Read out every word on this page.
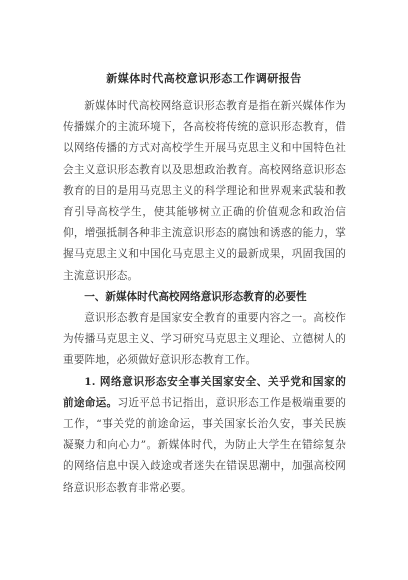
新媒体时代高校意识形态工作调研报告

新媒体时代高校网络意识形态教育是指在新兴媒体作为传播媒介的主流环境下，各高校将传统的意识形态教育，借以网络传播的方式对高校学生开展马克思主义和中国特色社会主义意识形态教育以及思想政治教育。高校网络意识形态教育的目的是用马克思主义的科学理论和世界观来武装和教育引导高校学生，使其能够树立正确的价值观念和政治信仰，增强抵制各种非主流意识形态的腐蚀和诱惑的能力，掌握马克思主义和中国化马克思主义的最新成果，巩固我国的主流意识形态。

一、新媒体时代高校网络意识形态教育的必要性

意识形态教育是国家安全教育的重要内容之一。高校作为传播马克思主义、学习研究马克思主义理论、立德树人的重要阵地，必须做好意识形态教育工作。

1. 网络意识形态安全事关国家安全、关乎党和国家的前途命运。习近平总书记指出，意识形态工作是极端重要的工作，“事关党的前途命运，事关国家长治久安，事关民族凝聚力和向心力”。新媒体时代，为防止大学生在错综复杂的网络信息中误入歧途或者迷失在错误思潮中，加强高校网络意识形态教育非常必要。
